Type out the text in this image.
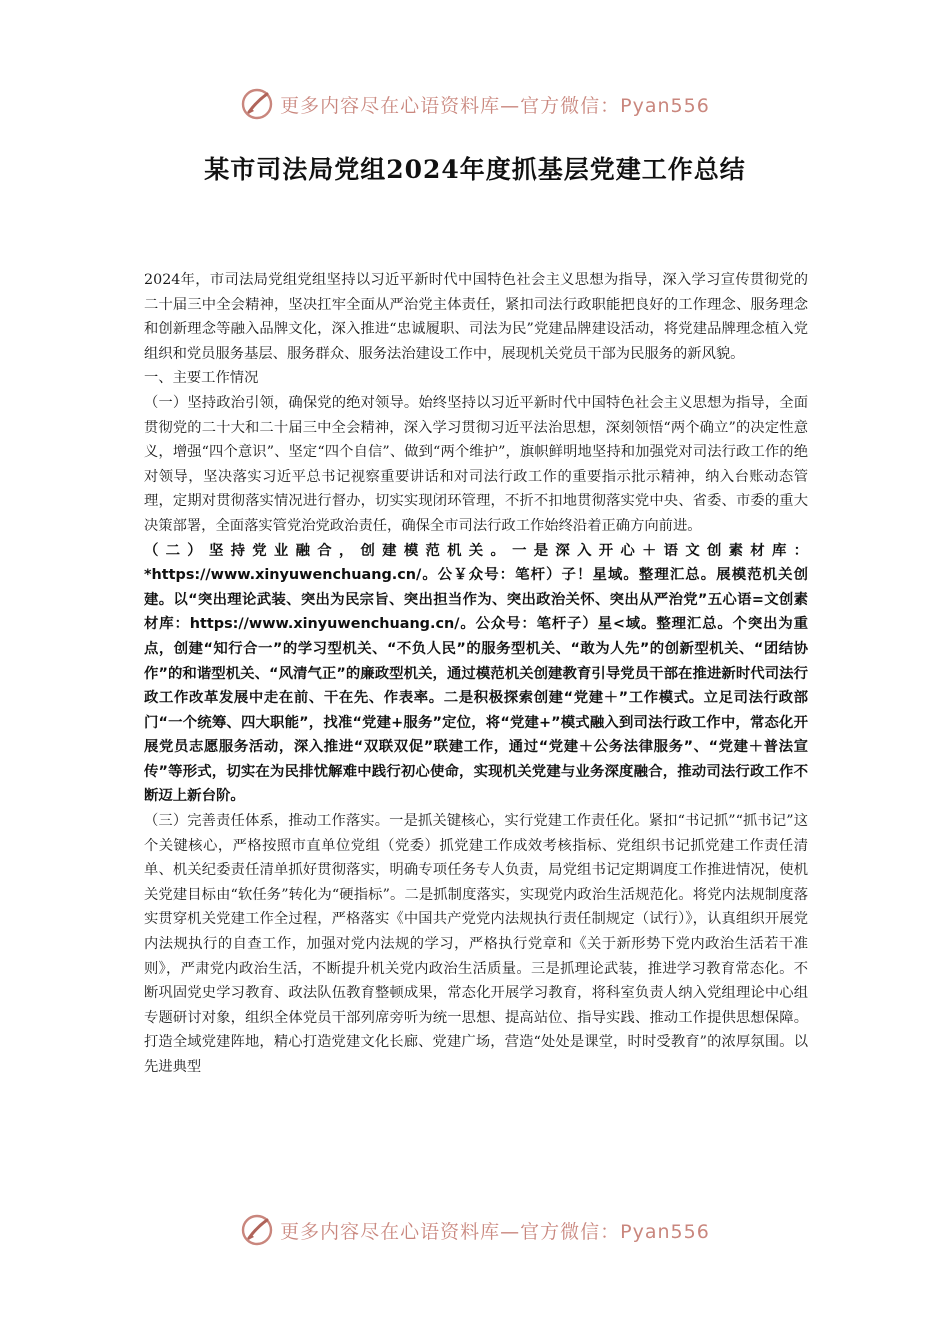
更多内容尽在心语资料库—官方微信：Pyan556
某市司法局党组2024年度抓基层党建工作总结

2024年，市司法局党组党组坚持以习近平新时代中国特色社会主义思想为指导，深入学习宣传贯彻党的二十届三中全会精神，坚决扛牢全面从严治党主体责任，紧扣司法行政职能把良好的工作理念、服务理念和创新理念等融入品牌文化，深入推进“忠诚履职、司法为民”党建品牌建设活动，将党建品牌理念植入党组织和党员服务基层、服务群众、服务法治建设工作中，展现机关党员干部为民服务的新风貌。

一、主要工作情况

（一）坚持政治引领，确保党的绝对领导。始终坚持以习近平新时代中国特色社会主义思想为指导，全面贯彻党的二十大和二十届三中全会精神，深入学习贯彻习近平法治思想，深刻领悟“两个确立”的决定性意义，增强“四个意识”、坚定“四个自信”、做到“两个维护”，旗帜鲜明地坚持和加强党对司法行政工作的绝对领导，坚决落实习近平总书记视察重要讲话和对司法行政工作的重要指示批示精神，纳入台账动态管理，定期对贯彻落实情况进行督办，切实实现闭环管理，不折不扣地贯彻落实党中央、省委、市委的重大决策部署，全面落实管党治党政治责任，确保全市司法行政工作始终沿着正确方向前进。

（二）坚持党业融合，创建模范机关。一是深入开心＋语文创素材库：*https://www.xinyuwenchuang.cn/。公￥众号：笔杆）子！星域。整理汇总。展模范机关创建。以“突出理论武装、突出为民宗旨、突出担当作为、突出政治关怀、突出从严治党”五心语=文创素材库：https://www.xinyuwenchuang.cn/。公众号：笔杆子）星<域。整理汇总。个突出为重点，创建“知行合一”的学习型机关、“不负人民”的服务型机关、“敢为人先”的创新型机关、“团结协作”的和谐型机关、“风清气正”的廉政型机关，通过模范机关创建教育引导党员干部在推进新时代司法行政工作改革发展中走在前、干在先、作表率。二是积极探索创建“党建＋”工作模式。立足司法行政部门“一个统筹、四大职能”，找准“党建+服务”定位，将“党建+”模式融入到司法行政工作中，常态化开展党员志愿服务活动，深入推进“双联双促”联建工作，通过“党建＋公务法律服务”、“党建＋普法宣传”等形式，切实在为民排忧解难中践行初心使命，实现机关党建与业务深度融合，推动司法行政工作不断迈上新台阶。

（三）完善责任体系，推动工作落实。一是抓关键核心，实行党建工作责任化。紧扣“书记抓”“抓书记”这个关键核心，严格按照市直单位党组（党委）抓党建工作成效考核指标、党组织书记抓党建工作责任清单、机关纪委责任清单抓好贯彻落实，明确专项任务专人负责，局党组书记定期调度工作推进情况，使机关党建目标由“软任务”转化为“硬指标”。二是抓制度落实，实现党内政治生活规范化。将党内法规制度落实贯穿机关党建工作全过程，严格落实《中国共产党党内法规执行责任制规定（试行）》，认真组织开展党内法规执行的自查工作，加强对党内法规的学习，严格执行党章和《关于新形势下党内政治生活若干准则》，严肃党内政治生活，不断提升机关党内政治生活质量。三是抓理论武装，推进学习教育常态化。不断巩固党史学习教育、政法队伍教育整顿成果，常态化开展学习教育，将科室负责人纳入党组理论中心组专题研讨对象，组织全体党员干部列席旁听为统一思想、提高站位、指导实践、推动工作提供思想保障。打造全域党建阵地，精心打造党建文化长廊、党建广场，营造“处处是课堂，时时受教育”的浓厚氛围。以先进典型

更多内容尽在心语资料库—官方微信：Pyan556
